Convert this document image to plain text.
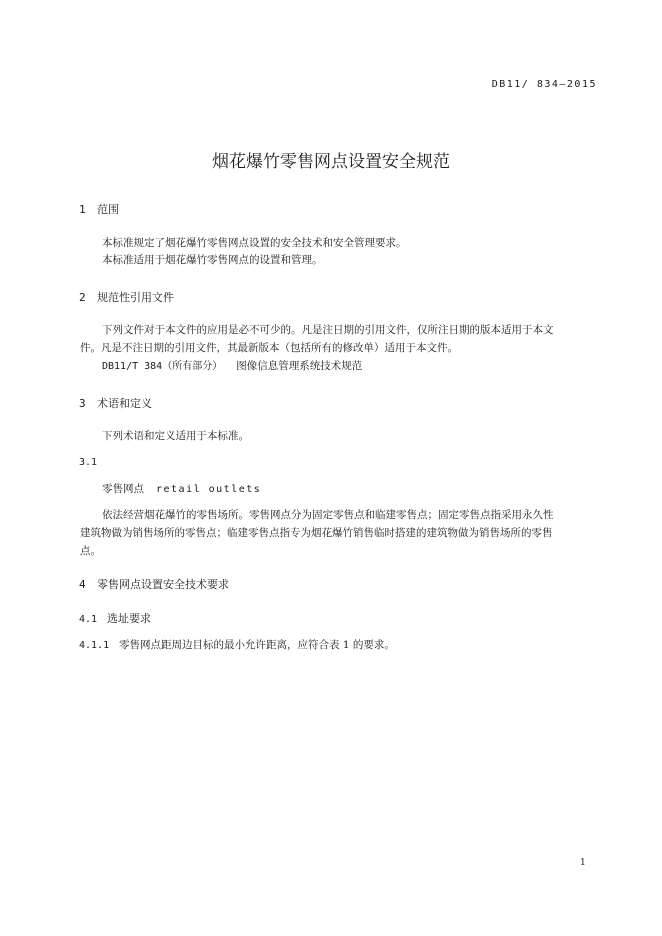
DB11/ 834—2015
烟花爆竹零售网点设置安全规范
1 范围
本标准规定了烟花爆竹零售网点设置的安全技术和安全管理要求。
本标准适用于烟花爆竹零售网点的设置和管理。
2 规范性引用文件
下列文件对于本文件的应用是必不可少的。凡是注日期的引用文件，仅所注日期的版本适用于本文
件。凡是不注日期的引用文件，其最新版本（包括所有的修改单）适用于本文件。
DB11/T 384（所有部分） 图像信息管理系统技术规范
3 术语和定义
下列术语和定义适用于本标准。
3.1
零售网点 retail outlets
依法经营烟花爆竹的零售场所。零售网点分为固定零售点和临建零售点；固定零售点指采用永久性
建筑物做为销售场所的零售点；临建零售点指专为烟花爆竹销售临时搭建的建筑物做为销售场所的零售
点。
4 零售网点设置安全技术要求
4.1 选址要求
4.1.1 零售网点距周边目标的最小允许距离，应符合表 1 的要求。
1
